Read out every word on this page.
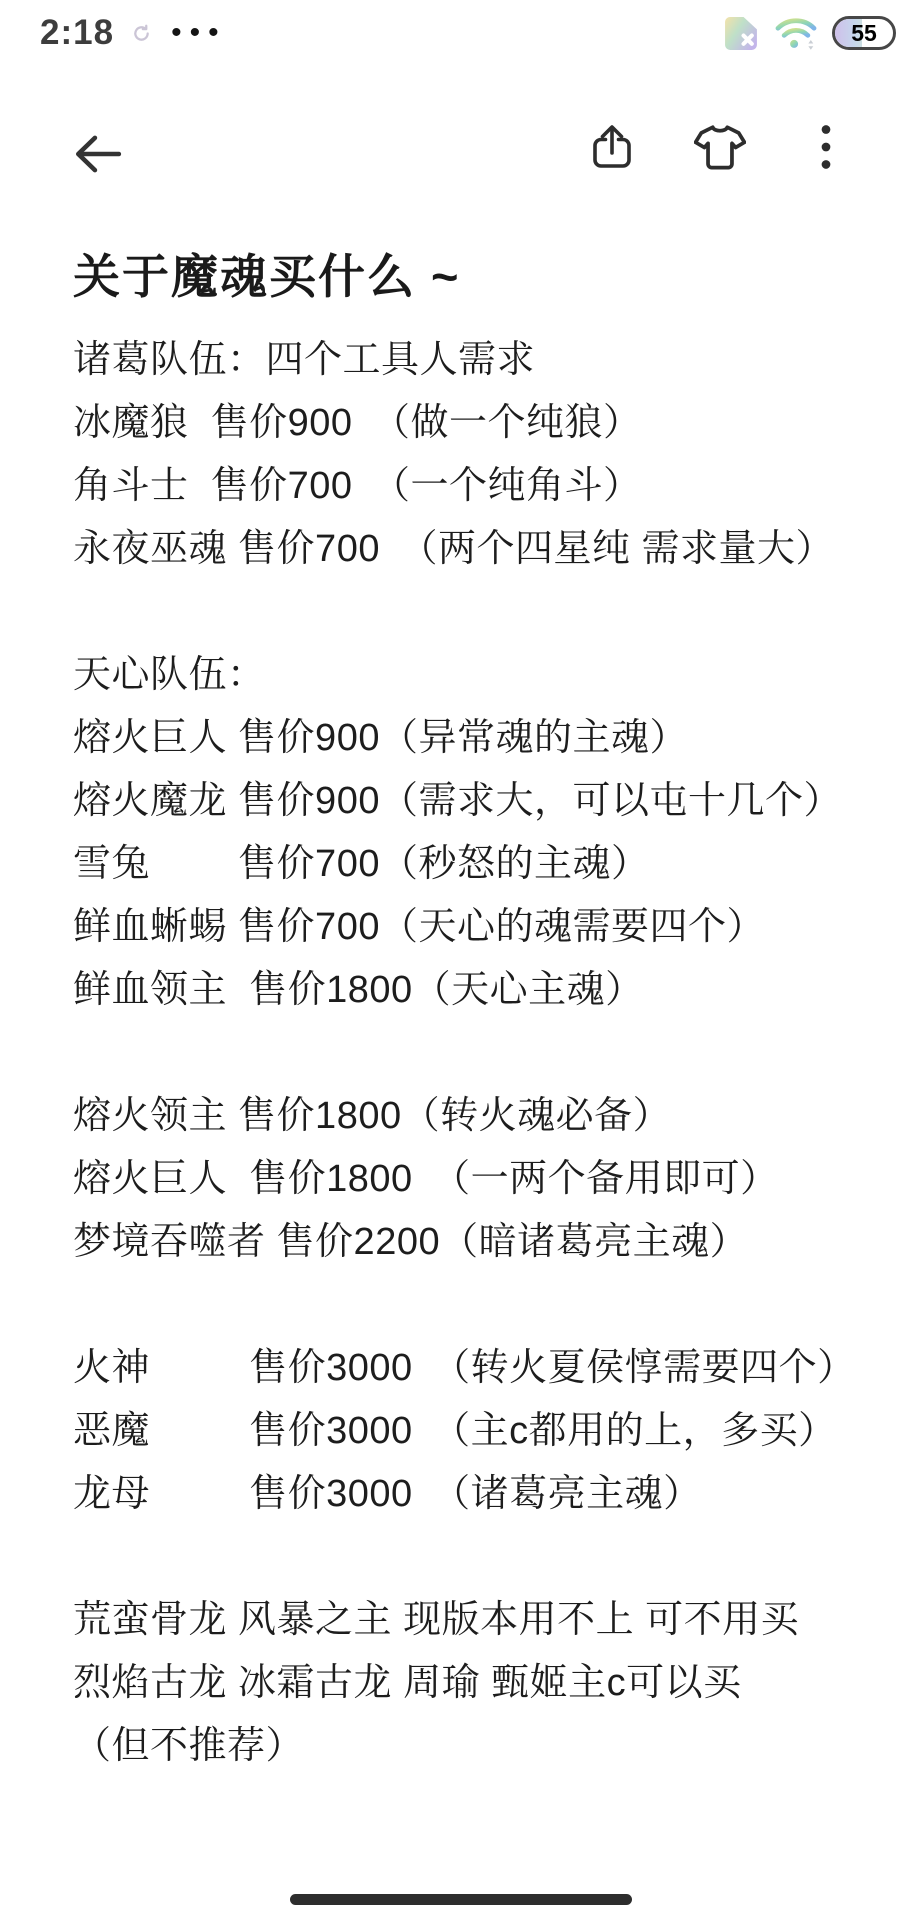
2:18 •••	55
关于魔魂买什么 ~

诸葛队伍：四个工具人需求

冰魔狼  售价900　（做一个纯狼）

角斗士  售价700　（一个纯角斗）

永夜巫魂 售价700　（两个四星纯 需求量大）

天心队伍：

熔火巨人 售价900（异常魂的主魂）

熔火魔龙 售价900（需求大，可以屯十几个）

雪兔　　 售价700（秒怒的主魂）

鲜血蜥蜴 售价700（天心的魂需要四个）

鲜血领主  售价1800（天心主魂）

熔火领主 售价1800（转火魂必备）

熔火巨人  售价1800　（一两个备用即可）

梦境吞噬者 售价2200（暗诸葛亮主魂）

火神　　  售价3000　（转火夏侯惇需要四个）

恶魔　　  售价3000　（主c都用的上，多买）

龙母　　  售价3000　（诸葛亮主魂）

荒蛮骨龙 风暴之主 现版本用不上 可不用买

烈焰古龙 冰霜古龙 周瑜 甄姬主c可以买

（但不推荐）
